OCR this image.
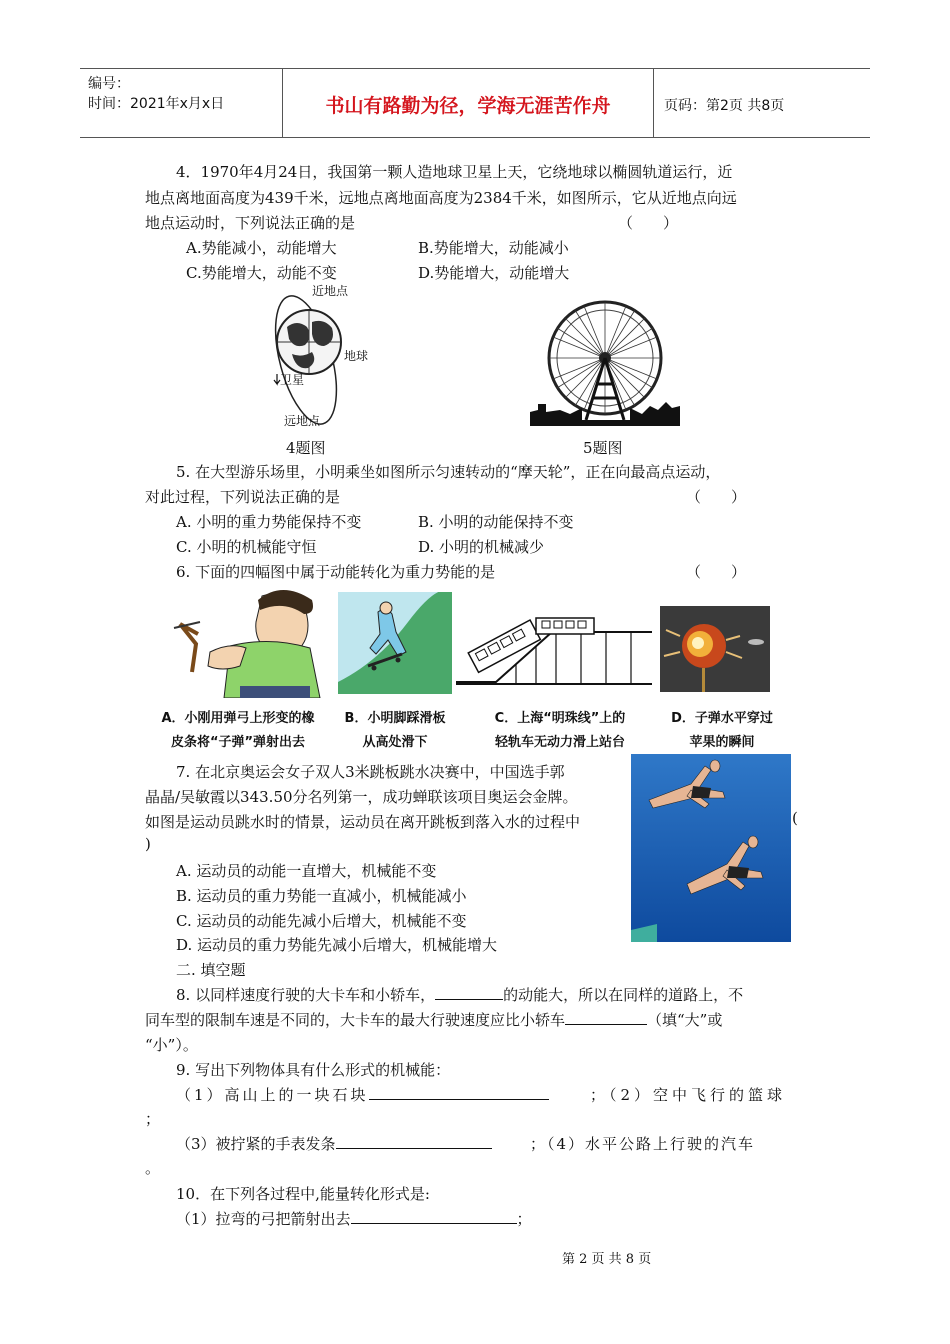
编号：
时间：2021年x月x日	书山有路勤为径，学海无涯苦作舟	页码：第2页 共8页
4．1970年4月24日，我国第一颗人造地球卫星上天，它绕地球以椭圆轨道运行，近
地点离地面高度为439千米，远地点离地面高度为2384千米，如图所示，它从近地点向远
地点运动时，下列说法正确的是	（　　）
A.势能减小，动能增大	B.势能增大，动能减小
C.势能增大，动能不变	D.势能增大，动能增大
近地点
地球
卫星
远地点
4题图	5题图
5. 在大型游乐场里，小明乘坐如图所示匀速转动的“摩天轮”，正在向最高点运动，
对此过程，下列说法正确的是	（　　）
A. 小明的重力势能保持不变	B. 小明的动能保持不变
C. 小明的机械能守恒	D. 小明的机械减少
6. 下面的四幅图中属于动能转化为重力势能的是	（　　）
A．小刚用弹弓上形变的橡
皮条将“子弹”弹射出去
B．小明脚踩滑板
从高处滑下
C．上海“明珠线”上的
轻轨车无动力滑上站台
D．子弹水平穿过
苹果的瞬间
7. 在北京奥运会女子双人3米跳板跳水决赛中，中国选手郭
晶晶/吴敏霞以343.50分名列第一，成功蝉联该项目奥运会金牌。
如图是运动员跳水时的情景，运动员在离开跳板到落入水的过程中	(
)
A. 运动员的动能一直增大，机械能不变
B. 运动员的重力势能一直减小，机械能减小
C. 运动员的动能先减小后增大，机械能不变
D. 运动员的重力势能先减小后增大，机械能增大
二. 填空题
8. 以同样速度行驶的大卡车和小轿车，	的动能大，所以在同样的道路上，不
同车型的限制车速是不同的，大卡车的最大行驶速度应比小轿车	（填“大”或
“小”）。
9. 写出下列物体具有什么形式的机械能：
（1）高山上的一块石块	；（2）空中飞行的篮球
；
（3）被拧紧的手表发条	；（4）水平公路上行驶的汽车
。
10．在下列各过程中,能量转化形式是:
（1）拉弯的弓把箭射出去	；
第 2 页 共 8 页
